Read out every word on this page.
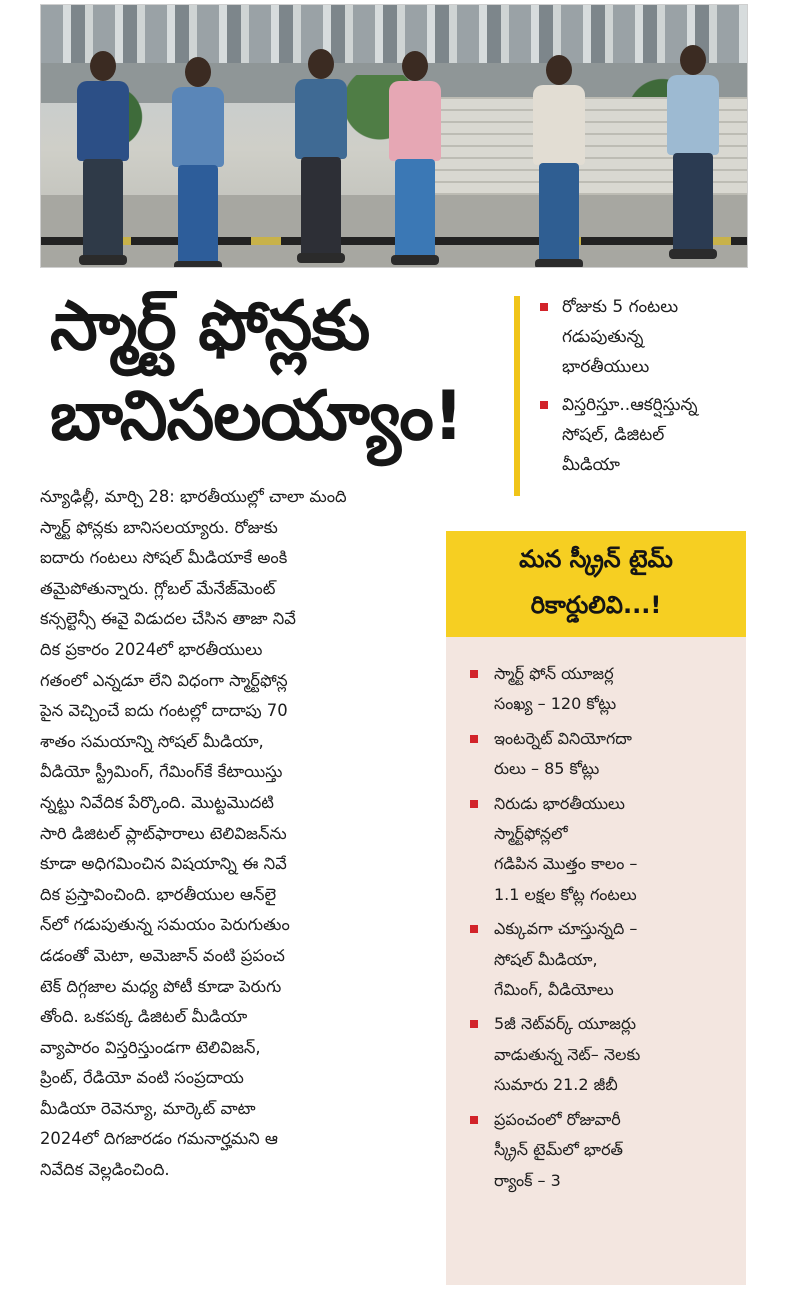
స్మార్ట్ ఫోన్లకు
బానిసలయ్యాం!
రోజుకు 5 గంటలు
గడుపుతున్న
భారతీయులు
విస్తరిస్తూ..ఆకర్షిస్తున్న
సోషల్, డిజిటల్
మీడియా

న్యూఢిల్లీ, మార్చి 28: భారతీయుల్లో చాలా మంది

స్మార్ట్ ఫోన్లకు బానిసలయ్యారు. రోజుకు

ఐదారు గంటలు సోషల్ మీడియాకే అంకి

తమైపోతున్నారు. గ్లోబల్ మేనేజ్‌మెంట్

కన్సల్టెన్సీ ఈవై విడుదల చేసిన తాజా నివే

దిక ప్రకారం 2024లో భారతీయులు

గతంలో ఎన్నడూ లేని విధంగా స్మార్ట్‌ఫోన్ల

పైన వెచ్చించే ఐదు గంటల్లో దాదాపు 70

శాతం సమయాన్ని సోషల్ మీడియా,

వీడియో స్ట్రీమింగ్, గేమింగ్‌కే కేటాయిస్తు

న్నట్టు నివేదిక పేర్కొంది. మొట్టమొదటి

సారి డిజిటల్ ప్లాట్‌ఫారాలు టెలివిజన్‌ను

కూడా అధిగమించిన విషయాన్ని ఈ నివే

దిక ప్రస్తావించింది. భారతీయుల ఆన్‌లై

న్‌లో గడుపుతున్న సమయం పెరుగుతుం

డడంతో మెటా, అమెజాన్ వంటి ప్రపంచ

టెక్ దిగ్గజాల మధ్య పోటీ కూడా పెరుగు

తోంది. ఒకపక్క డిజిటల్ మీడియా

వ్యాపారం విస్తరిస్తుండగా టెలివిజన్,

ప్రింట్, రేడియో వంటి సంప్రదాయ

మీడియా రెవెన్యూ, మార్కెట్ వాటా

2024లో దిగజారడం గమనార్హమని ఆ

నివేదిక వెల్లడించింది.

మన స్క్రీన్ టైమ్
రికార్డులివి...!
స్మార్ట్ ఫోన్ యూజర్ల
సంఖ్య – 120 కోట్లు
ఇంటర్నెట్ వినియోగదా
రులు – 85 కోట్లు
నిరుడు భారతీయులు
స్మార్ట్‌ఫోన్లలో
గడిపిన మొత్తం కాలం –
1.1 లక్షల కోట్ల గంటలు
ఎక్కువగా చూస్తున్నది –
సోషల్ మీడియా,
గేమింగ్, వీడియోలు
5జీ నెట్‌వర్క్ యూజర్లు
వాడుతున్న నెట్– నెలకు
సుమారు 21.2 జీబీ
ప్రపంచంలో రోజువారీ
స్క్రీన్ టైమ్‌లో భారత్
ర్యాంక్ – 3
